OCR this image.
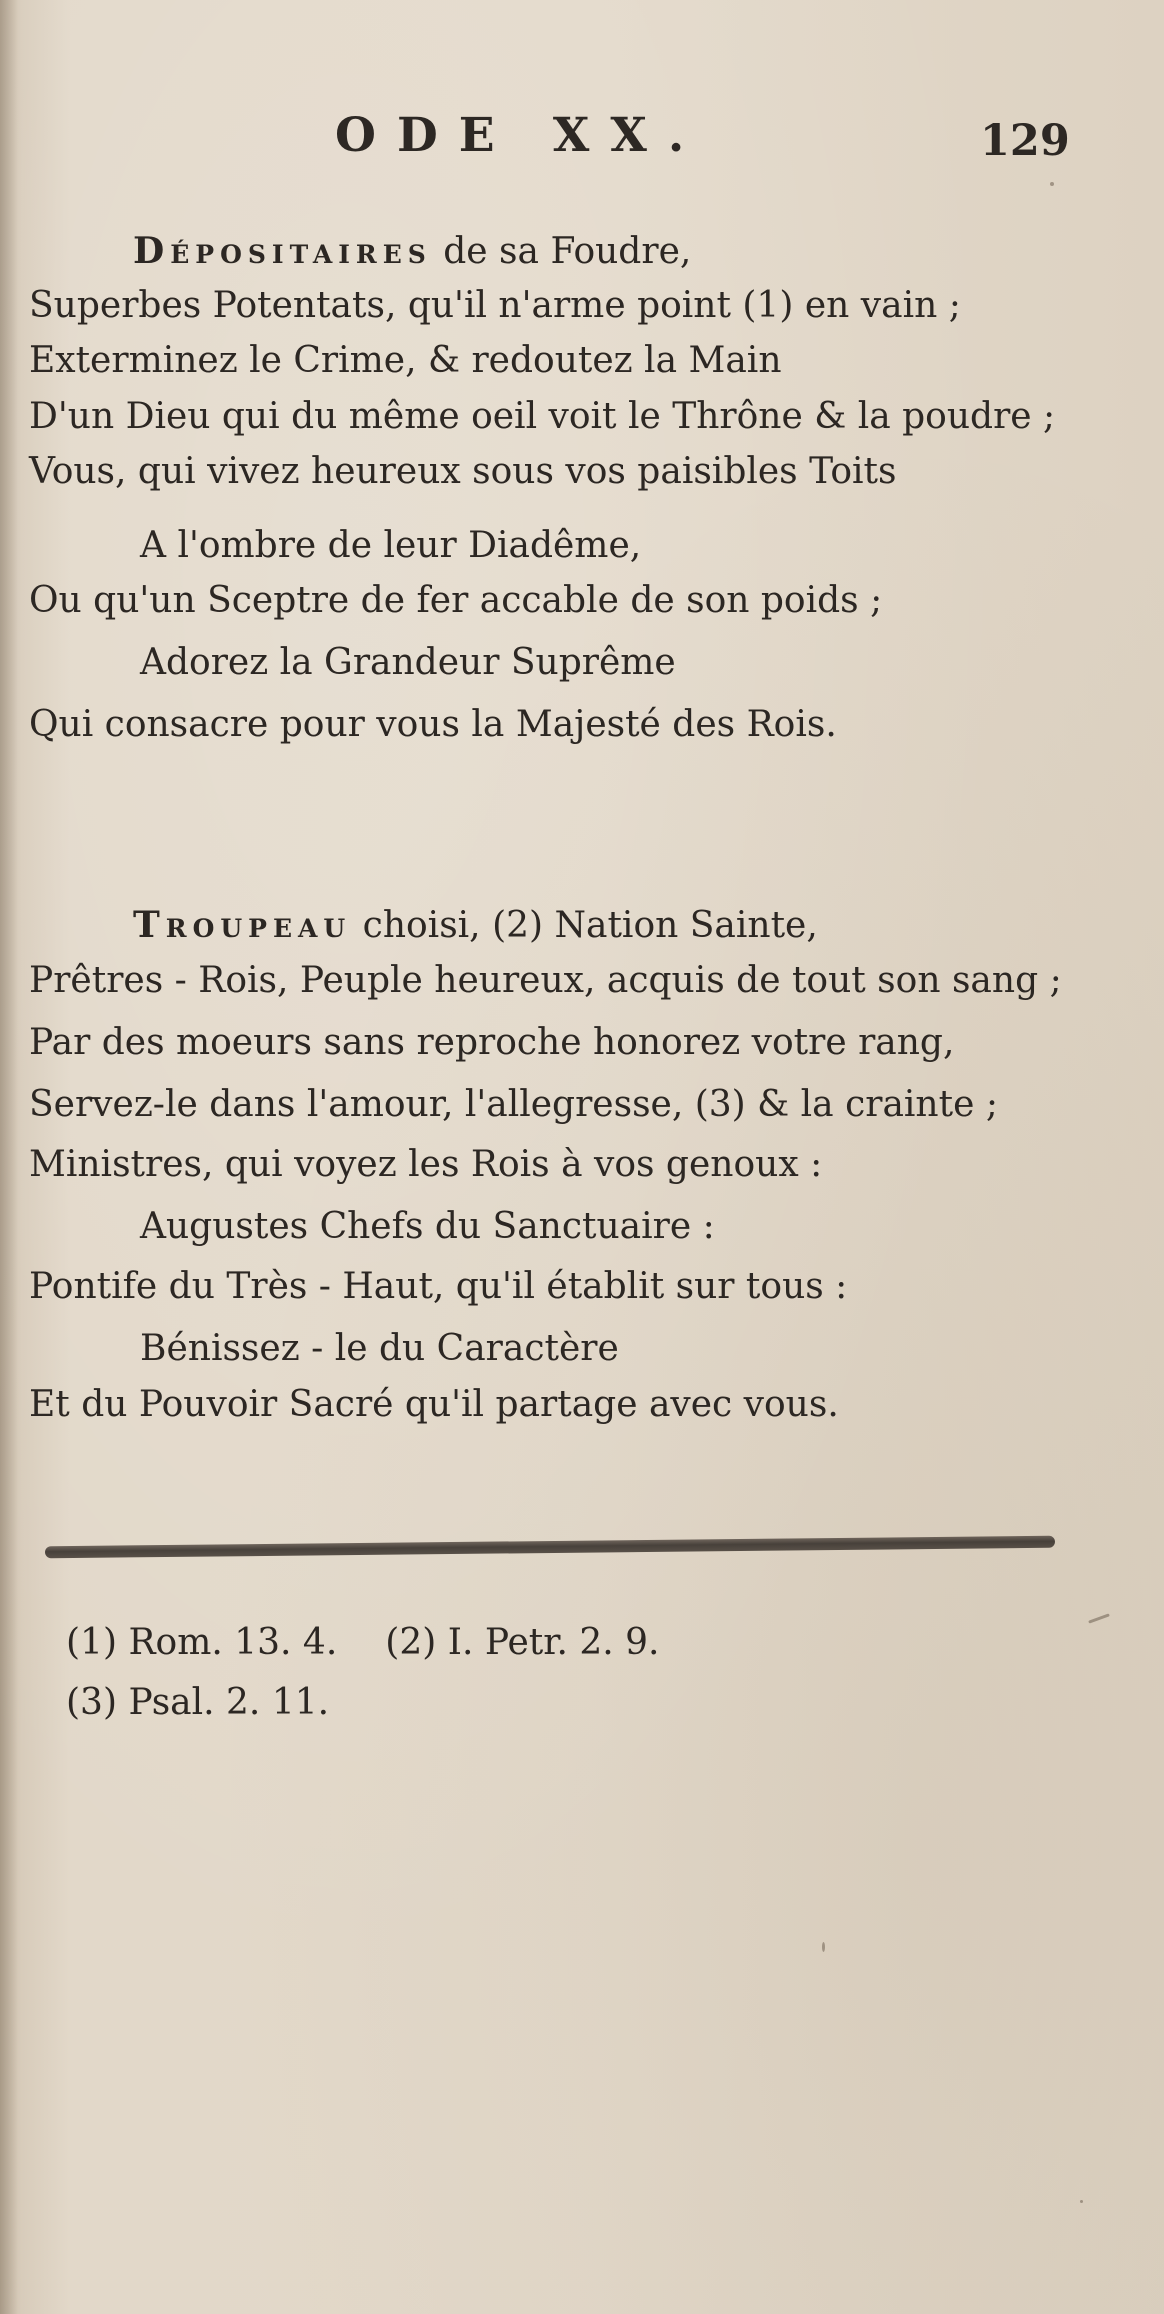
ODE XX.	129
Dépositaires de sa Foudre,
Superbes Potentats, qu'il n'arme point (1) en vain ;
Exterminez le Crime, & redoutez la Main
D'un Dieu qui du même oeil voit le Thrône & la poudre ;
Vous, qui vivez heureux sous vos paisibles Toits
A l'ombre de leur Diadême,
Ou qu'un Sceptre de fer accable de son poids ;
Adorez la Grandeur Suprême
Qui consacre pour vous la Majesté des Rois.
Troupeau choisi, (2) Nation Sainte,
Prêtres - Rois, Peuple heureux, acquis de tout son sang ;
Par des moeurs sans reproche honorez votre rang,
Servez-le dans l'amour, l'allegresse, (3) & la crainte ;
Ministres, qui voyez les Rois à vos genoux :
Augustes Chefs du Sanctuaire :
Pontife du Très - Haut, qu'il établit sur tous :
Bénissez - le du Caractère
Et du Pouvoir Sacré qu'il partage avec vous.
(1) Rom. 13. 4. (2) I. Petr. 2. 9.
(3) Psal. 2. 11.
